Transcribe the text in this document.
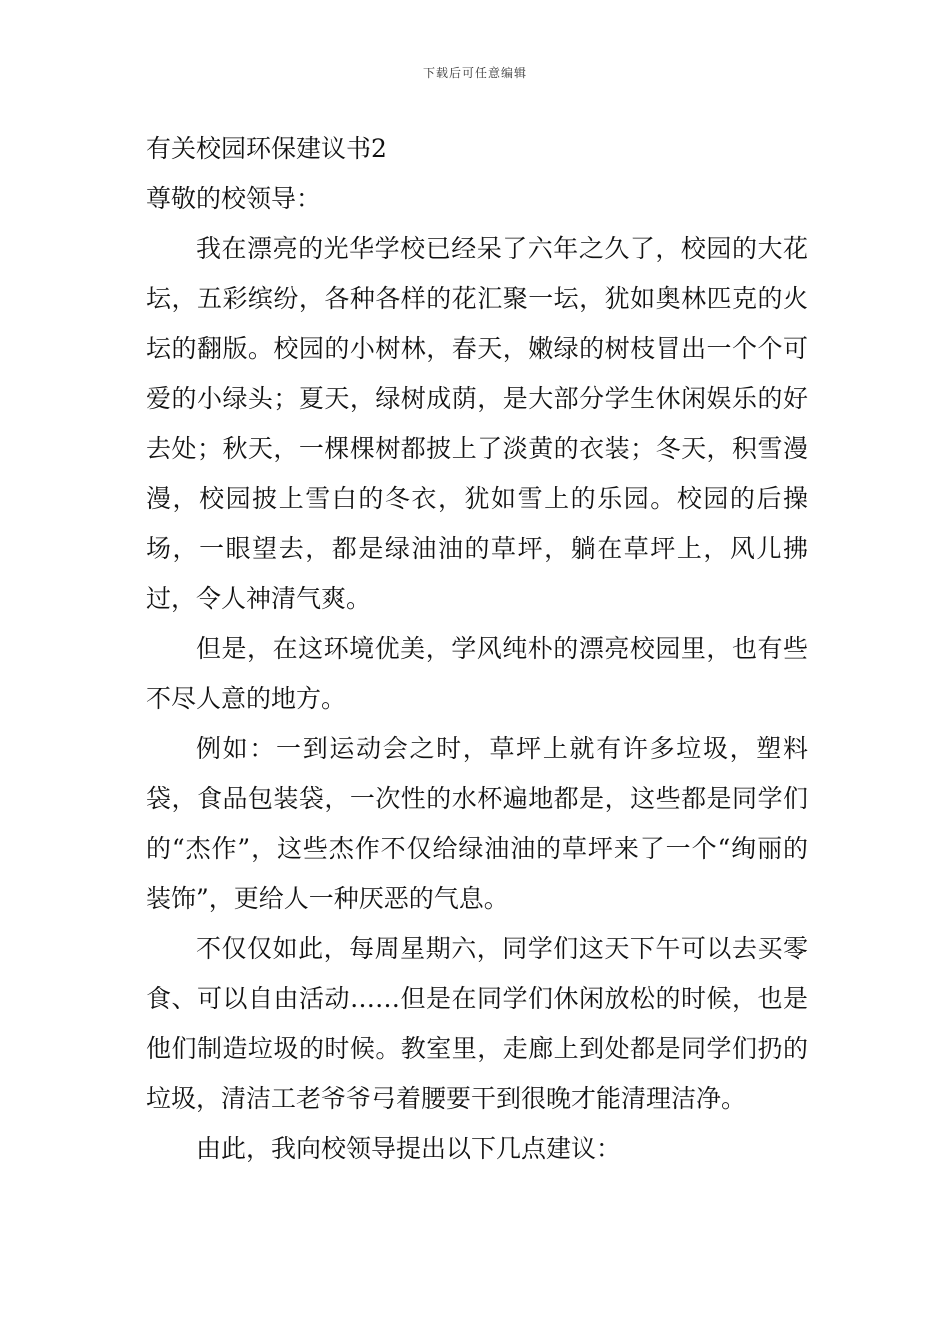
下载后可任意编辑

有关校园环保建议书2

尊敬的校领导：

我在漂亮的光华学校已经呆了六年之久了，校园的大花坛，五彩缤纷，各种各样的花汇聚一坛，犹如奥林匹克的火坛的翻版。校园的小树林，春天，嫩绿的树枝冒出一个个可爱的小绿头；夏天，绿树成荫，是大部分学生休闲娱乐的好去处；秋天，一棵棵树都披上了淡黄的衣装；冬天，积雪漫漫，校园披上雪白的冬衣，犹如雪上的乐园。校园的后操场，一眼望去，都是绿油油的草坪，躺在草坪上，风儿拂过，令人神清气爽。

但是，在这环境优美，学风纯朴的漂亮校园里，也有些不尽人意的地方。

例如：一到运动会之时，草坪上就有许多垃圾，塑料袋，食品包装袋，一次性的水杯遍地都是，这些都是同学们的“杰作”，这些杰作不仅给绿油油的草坪来了一个“绚丽的装饰”，更给人一种厌恶的气息。

不仅仅如此，每周星期六，同学们这天下午可以去买零食、可以自由活动……但是在同学们休闲放松的时候，也是他们制造垃圾的时候。教室里，走廊上到处都是同学们扔的垃圾，清洁工老爷爷弓着腰要干到很晚才能清理洁净。

由此，我向校领导提出以下几点建议：
